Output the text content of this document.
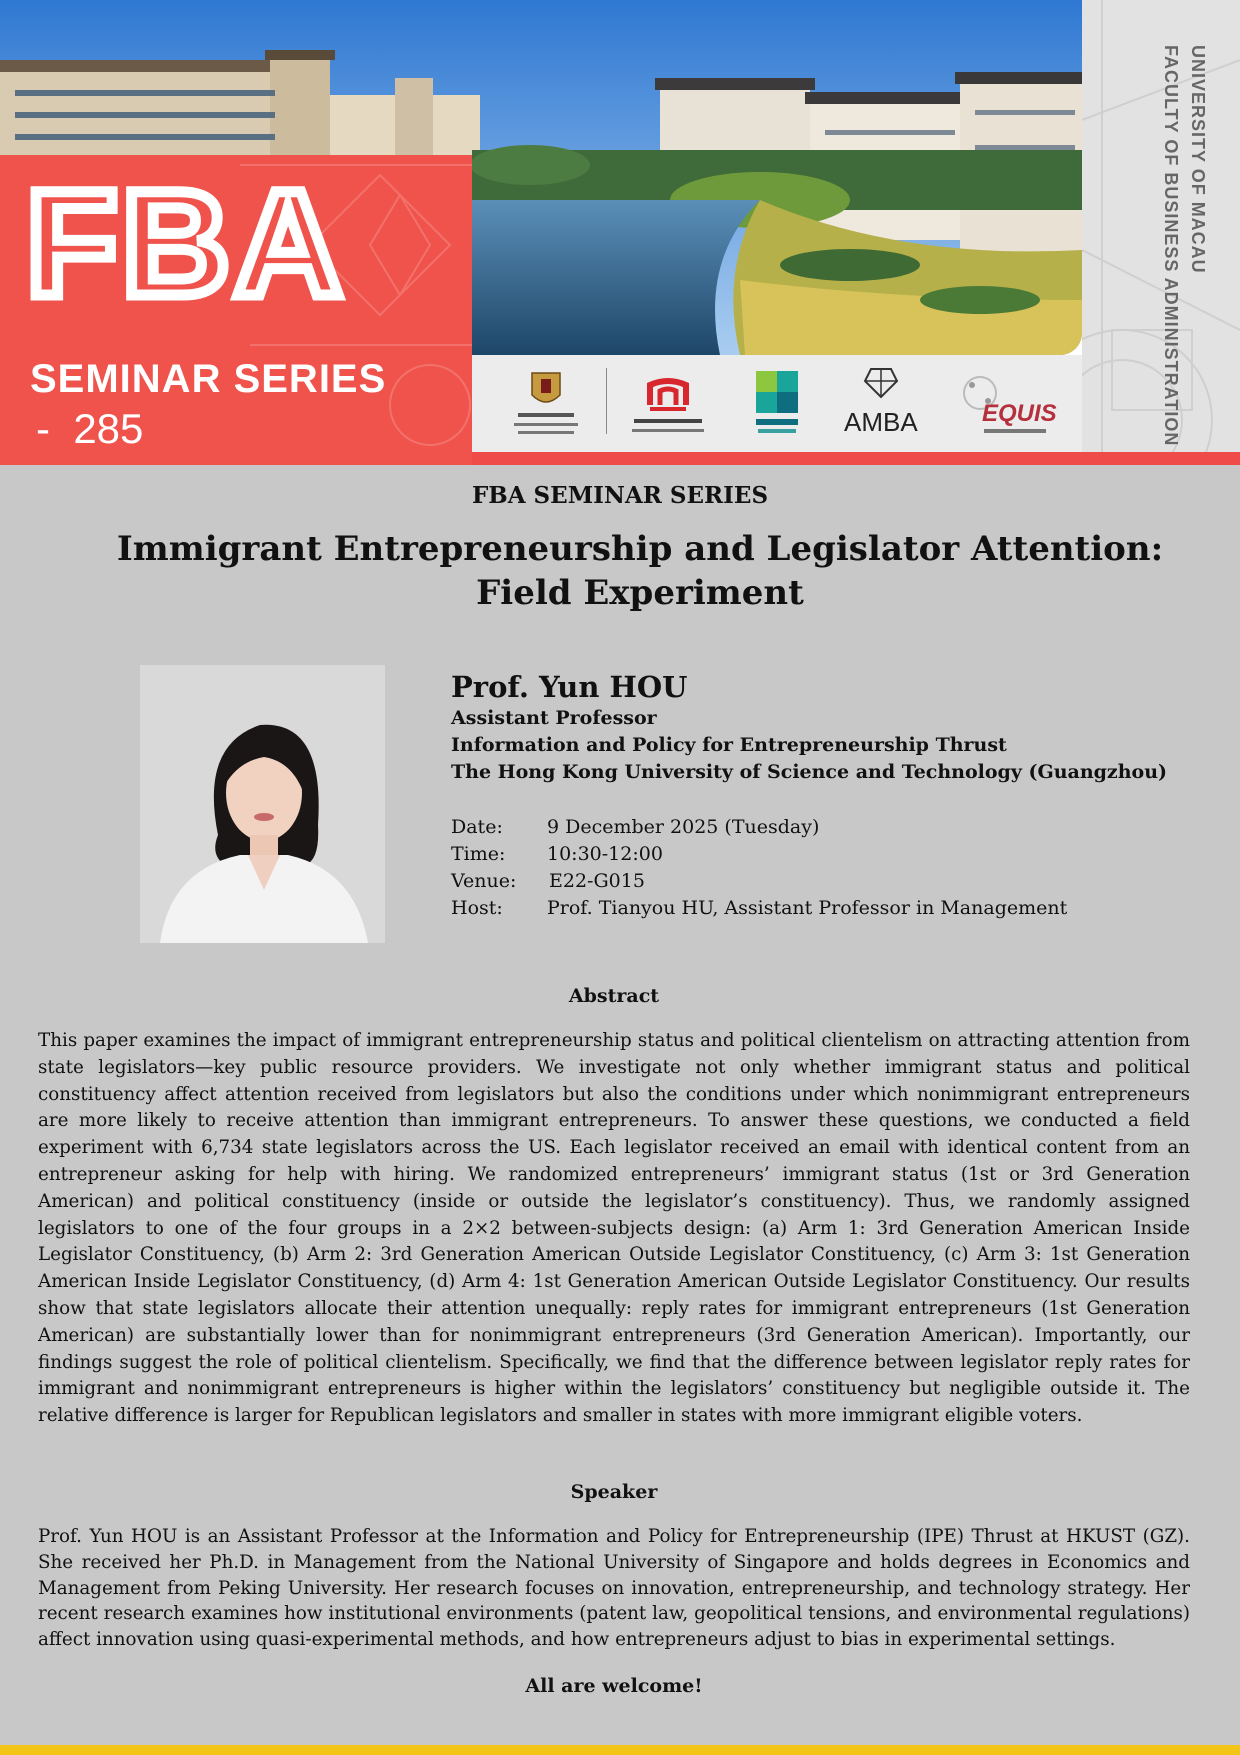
FBA
SEMINAR SERIES
-  285	AMBA	EQUIS
UNIVERSITY OF MACAU
FACULTY OF BUSINESS ADMINISTRATION
FBA SEMINAR SERIES
Immigrant Entrepreneurship and Legislator Attention: Field Experiment
Prof. Yun HOU
Assistant Professor
Information and Policy for Entrepreneurship Thrust
The Hong Kong University of Science and Technology (Guangzhou)
Date: 9 December 2025 (Tuesday)
Time: 10:30-12:00
Venue: E22-G015
Host: Prof. Tianyou HU, Assistant Professor in Management
Abstract
This paper examines the impact of immigrant entrepreneurship status and political clientelism on attracting attention from state legislators—key public resource providers. We investigate not only whether immigrant status and political constituency affect attention received from legislators but also the conditions under which nonimmigrant entrepreneurs are more likely to receive attention than immigrant entrepreneurs. To answer these questions, we conducted a field experiment with 6,734 state legislators across the US. Each legislator received an email with identical content from an entrepreneur asking for help with hiring. We randomized entrepreneurs’ immigrant status (1st or 3rd Generation American) and political constituency (inside or outside the legislator’s constituency). Thus, we randomly assigned legislators to one of the four groups in a 2×2 between-subjects design: (a) Arm 1: 3rd Generation American Inside Legislator Constituency, (b) Arm 2: 3rd Generation American Outside Legislator Constituency, (c) Arm 3: 1st Generation American Inside Legislator Constituency, (d) Arm 4: 1st Generation American Outside Legislator Constituency. Our results show that state legislators allocate their attention unequally: reply rates for immigrant entrepreneurs (1st Generation American) are substantially lower than for nonimmigrant entrepreneurs (3rd Generation American). Importantly, our findings suggest the role of political clientelism. Specifically, we find that the difference between legislator reply rates for immigrant and nonimmigrant entrepreneurs is higher within the legislators’ constituency but negligible outside it. The relative difference is larger for Republican legislators and smaller in states with more immigrant eligible voters.
Speaker
Prof. Yun HOU is an Assistant Professor at the Information and Policy for Entrepreneurship (IPE) Thrust at HKUST (GZ). She received her Ph.D. in Management from the National University of Singapore and holds degrees in Economics and Management from Peking University. Her research focuses on innovation, entrepreneurship, and technology strategy. Her recent research examines how institutional environments (patent law, geopolitical tensions, and environmental regulations) affect innovation using quasi-experimental methods, and how entrepreneurs adjust to bias in experimental settings.
All are welcome!
